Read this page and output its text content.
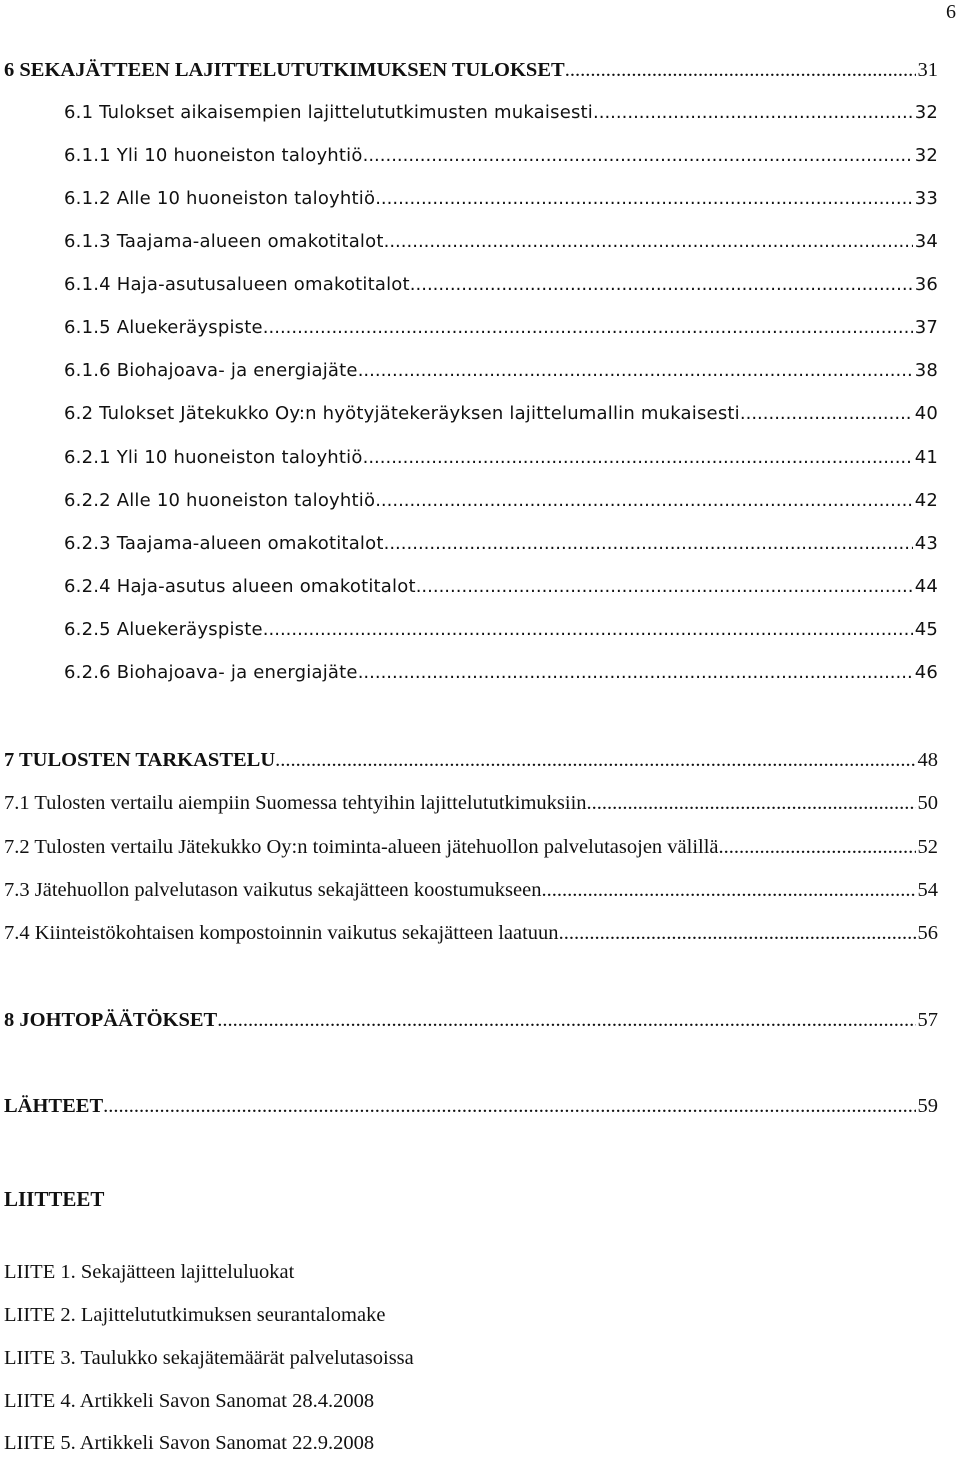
6
6 SEKAJÄTTEEN LAJITTELUTUTKIMUKSEN TULOKSET .....	31
6.1 Tulokset aikaisempien lajittelututkimusten mukaisesti .....	32
6.1.1 Yli 10 huoneiston taloyhtiö .....	32
6.1.2 Alle 10 huoneiston taloyhtiö .....	33
6.1.3 Taajama-alueen omakotitalot .....	34
6.1.4 Haja-asutusalueen omakotitalot .....	36
6.1.5 Aluekeräyspiste .....	37
6.1.6 Biohajoava- ja energiajäte .....	38
6.2 Tulokset Jätekukko Oy:n hyötyjätekeräyksen lajittelumallin mukaisesti .....	40
6.2.1 Yli 10 huoneiston taloyhtiö .....	41
6.2.2 Alle 10 huoneiston taloyhtiö .....	42
6.2.3 Taajama-alueen omakotitalot .....	43
6.2.4 Haja-asutus alueen omakotitalot .....	44
6.2.5 Aluekeräyspiste .....	45
6.2.6 Biohajoava- ja energiajäte .....	46
7 TULOSTEN TARKASTELU .....	48
7.1 Tulosten vertailu aiempiin Suomessa tehtyihin lajittelututkimuksiin .....	50
7.2 Tulosten vertailu Jätekukko Oy:n toiminta-alueen jätehuollon palvelutasojen välillä .....	52
7.3 Jätehuollon palvelutason vaikutus sekajätteen koostumukseen .....	54
7.4 Kiinteistökohtaisen kompostoinnin vaikutus sekajätteen laatuun .....	56
8 JOHTOPÄÄTÖKSET .....	57
LÄHTEET .....	59
LIITTEET
LIITE 1. Sekajätteen lajitteluluokat
LIITE 2. Lajittelututkimuksen seurantalomake
LIITE 3. Taulukko sekajätemäärät palvelutasoissa
LIITE 4. Artikkeli Savon Sanomat 28.4.2008
LIITE 5. Artikkeli Savon Sanomat 22.9.2008
